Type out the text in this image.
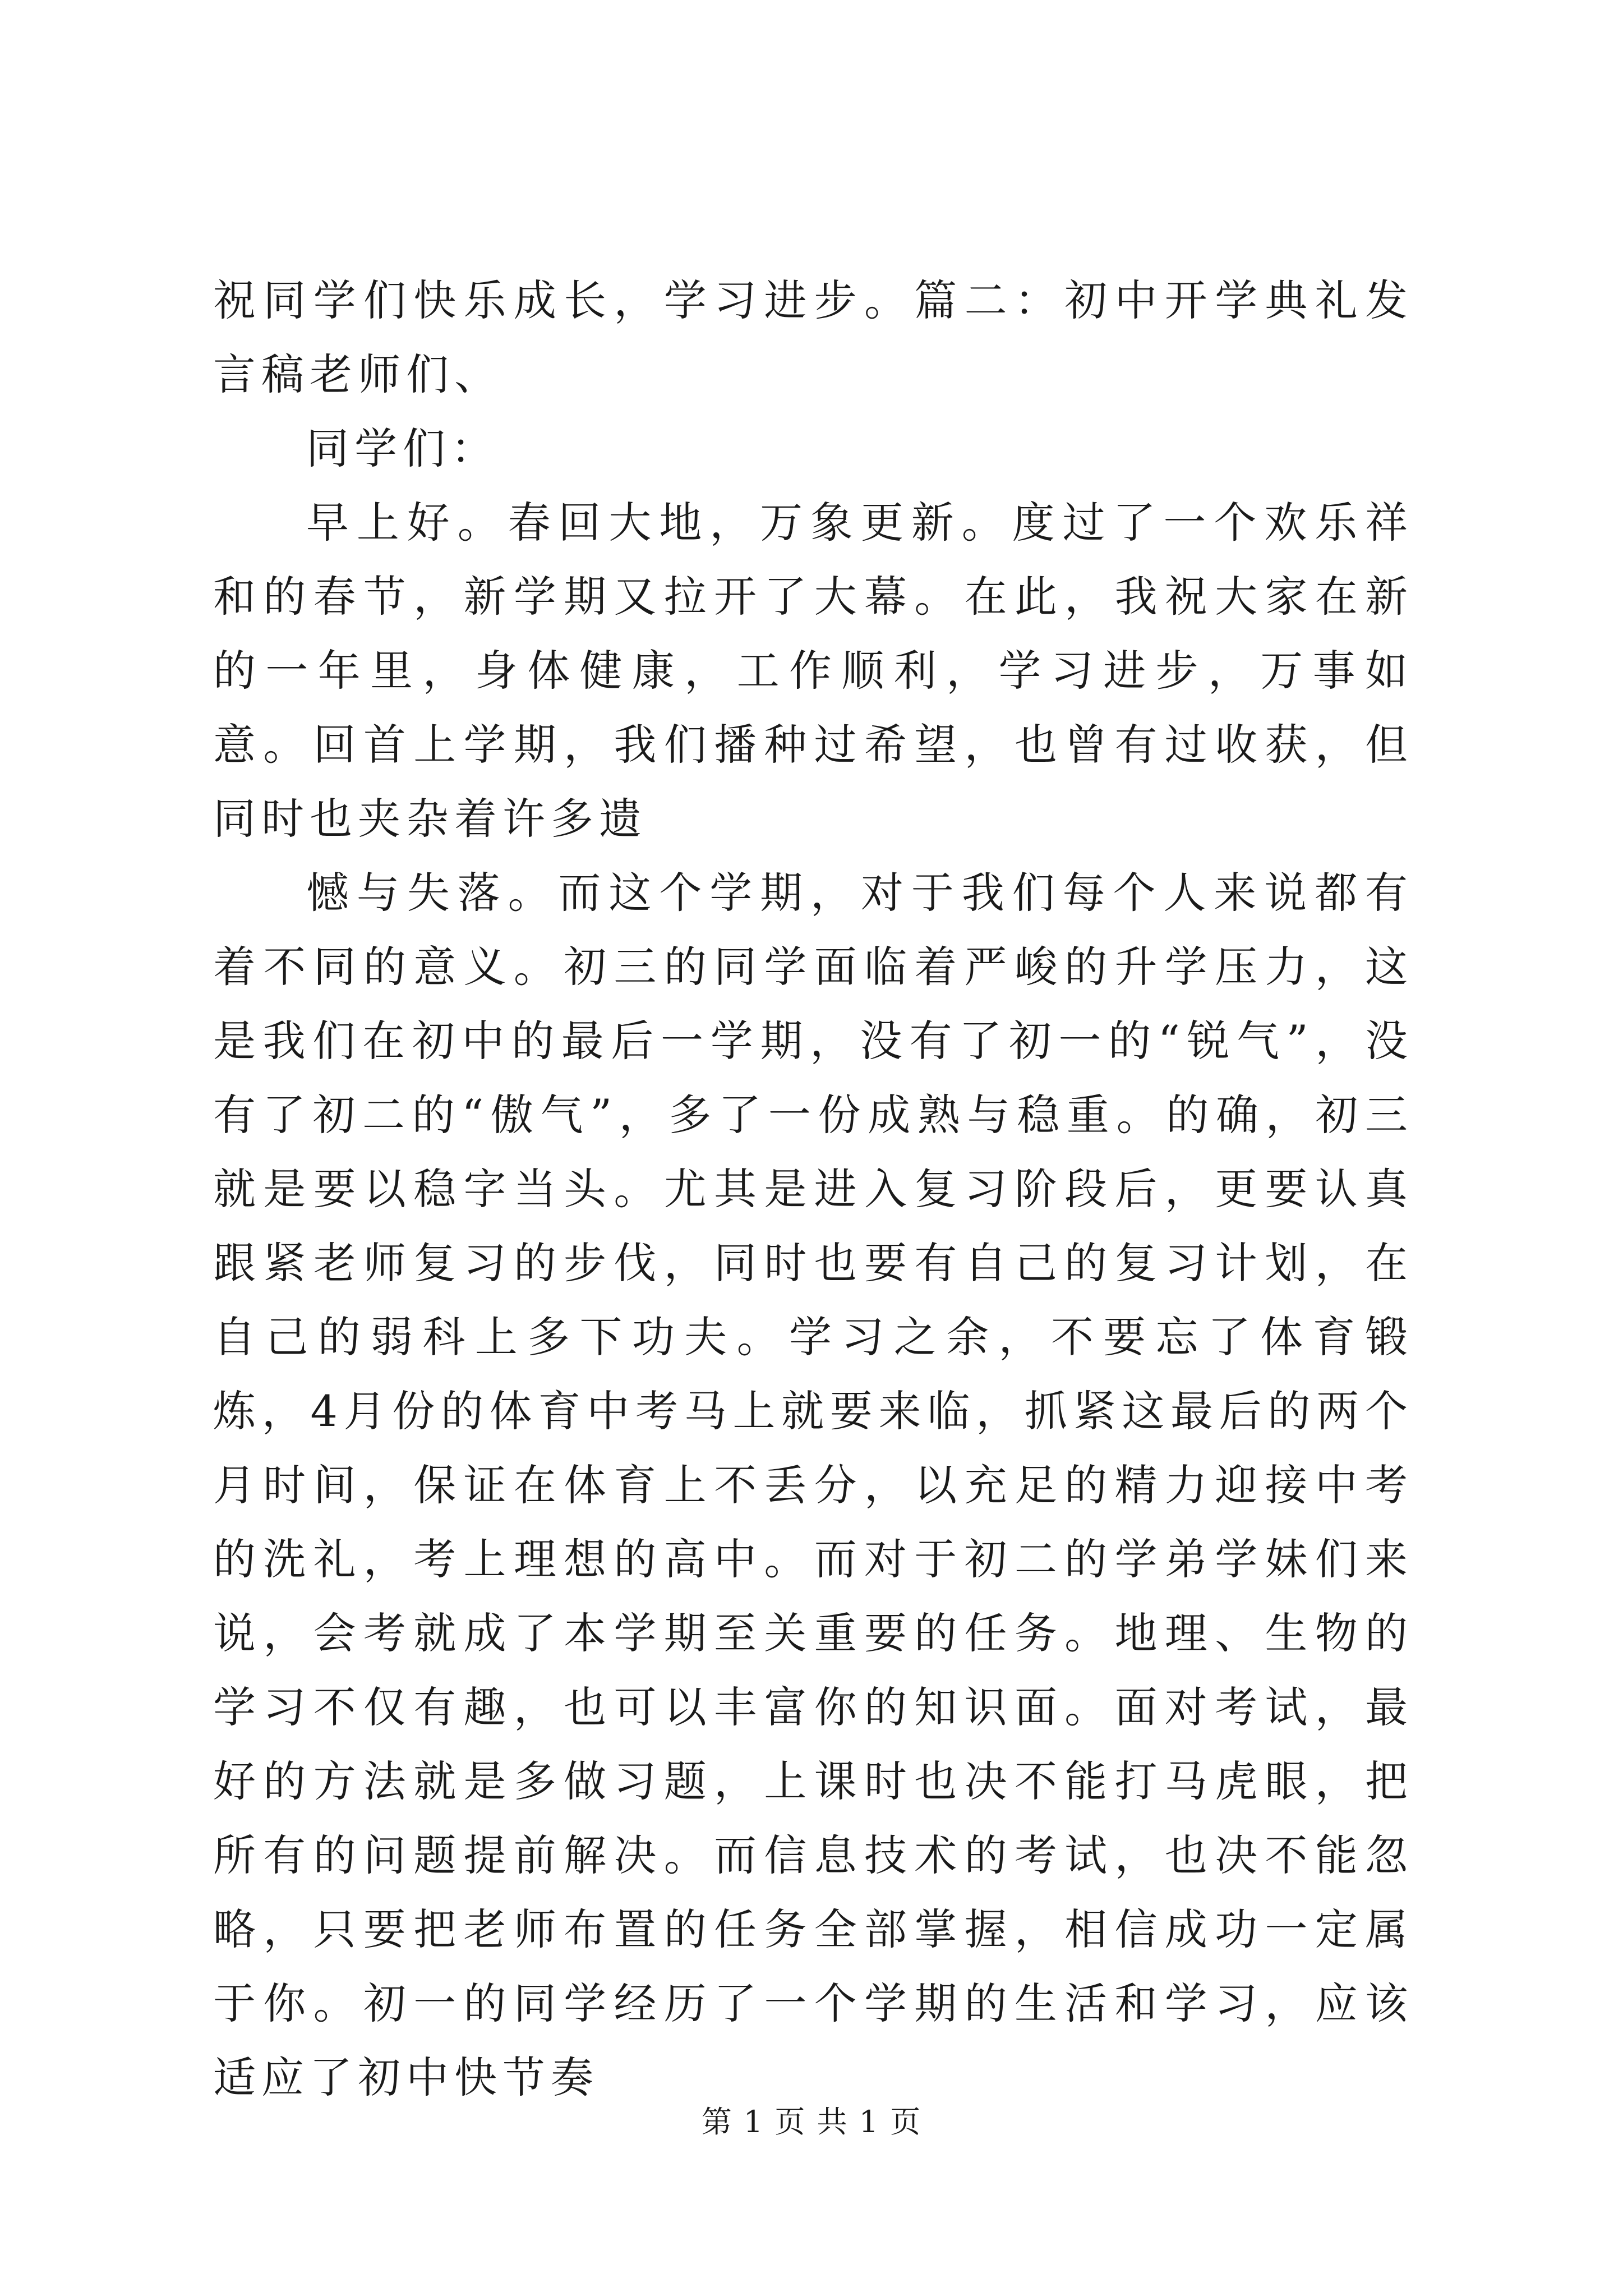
祝同学们快乐成长，学习进步。篇二：初中开学典礼发言稿老师们、

同学们：

早上好。春回大地，万象更新。度过了一个欢乐祥和的春节，新学期又拉开了大幕。在此，我祝大家在新的一年里，身体健康，工作顺利，学习进步，万事如意。回首上学期，我们播种过希望，也曾有过收获，但同时也夹杂着许多遗

憾与失落。而这个学期，对于我们每个人来说都有着不同的意义。初三的同学面临着严峻的升学压力，这是我们在初中的最后一学期，没有了初一的“锐气”，没有了初二的“傲气”，多了一份成熟与稳重。的确，初三就是要以稳字当头。尤其是进入复习阶段后，更要认真跟紧老师复习的步伐，同时也要有自己的复习计划，在自己的弱科上多下功夫。学习之余，不要忘了体育锻炼，4月份的体育中考马上就要来临，抓紧这最后的两个月时间，保证在体育上不丢分，以充足的精力迎接中考的洗礼，考上理想的高中。而对于初二的学弟学妹们来说，会考就成了本学期至关重要的任务。地理、生物的学习不仅有趣，也可以丰富你的知识面。面对考试，最好的方法就是多做习题，上课时也决不能打马虎眼，把所有的问题提前解决。而信息技术的考试，也决不能忽略，只要把老师布置的任务全部掌握，相信成功一定属于你。初一的同学经历了一个学期的生活和学习，应该适应了初中快节奏

第 1 页 共 1 页
